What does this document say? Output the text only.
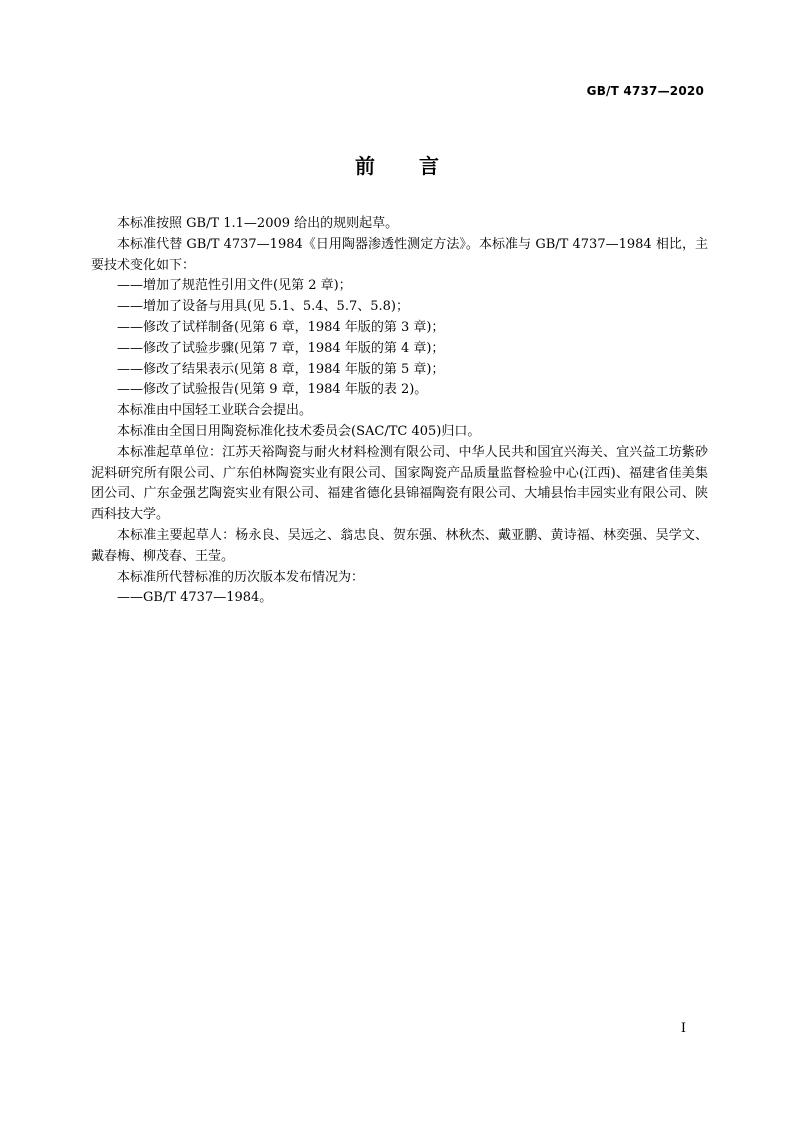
GB/T 4737—2020
前 言

本标准按照 GB/T 1.1—2009 给出的规则起草。

本标准代替 GB/T 4737—1984《日用陶器渗透性测定方法》。本标准与 GB/T 4737—1984 相比，主要技术变化如下：

——增加了规范性引用文件(见第 2 章)；

——增加了设备与用具(见 5.1、5.4、5.7、5.8)；

——修改了试样制备(见第 6 章，1984 年版的第 3 章)；

——修改了试验步骤(见第 7 章，1984 年版的第 4 章)；

——修改了结果表示(见第 8 章，1984 年版的第 5 章)；

——修改了试验报告(见第 9 章，1984 年版的表 2)。

本标准由中国轻工业联合会提出。

本标准由全国日用陶瓷标准化技术委员会(SAC/TC 405)归口。

本标准起草单位：江苏天裕陶瓷与耐火材料检测有限公司、中华人民共和国宜兴海关、宜兴益工坊紫砂泥料研究所有限公司、广东伯林陶瓷实业有限公司、国家陶瓷产品质量监督检验中心(江西)、福建省佳美集团公司、广东金强艺陶瓷实业有限公司、福建省德化县锦福陶瓷有限公司、大埔县怡丰园实业有限公司、陕西科技大学。

本标准主要起草人：杨永良、吴远之、翁忠良、贺东强、林秋杰、戴亚鹏、黄诗福、林奕强、吴学文、戴春梅、柳茂春、王莹。

本标准所代替标准的历次版本发布情况为：

——GB/T 4737—1984。

I
